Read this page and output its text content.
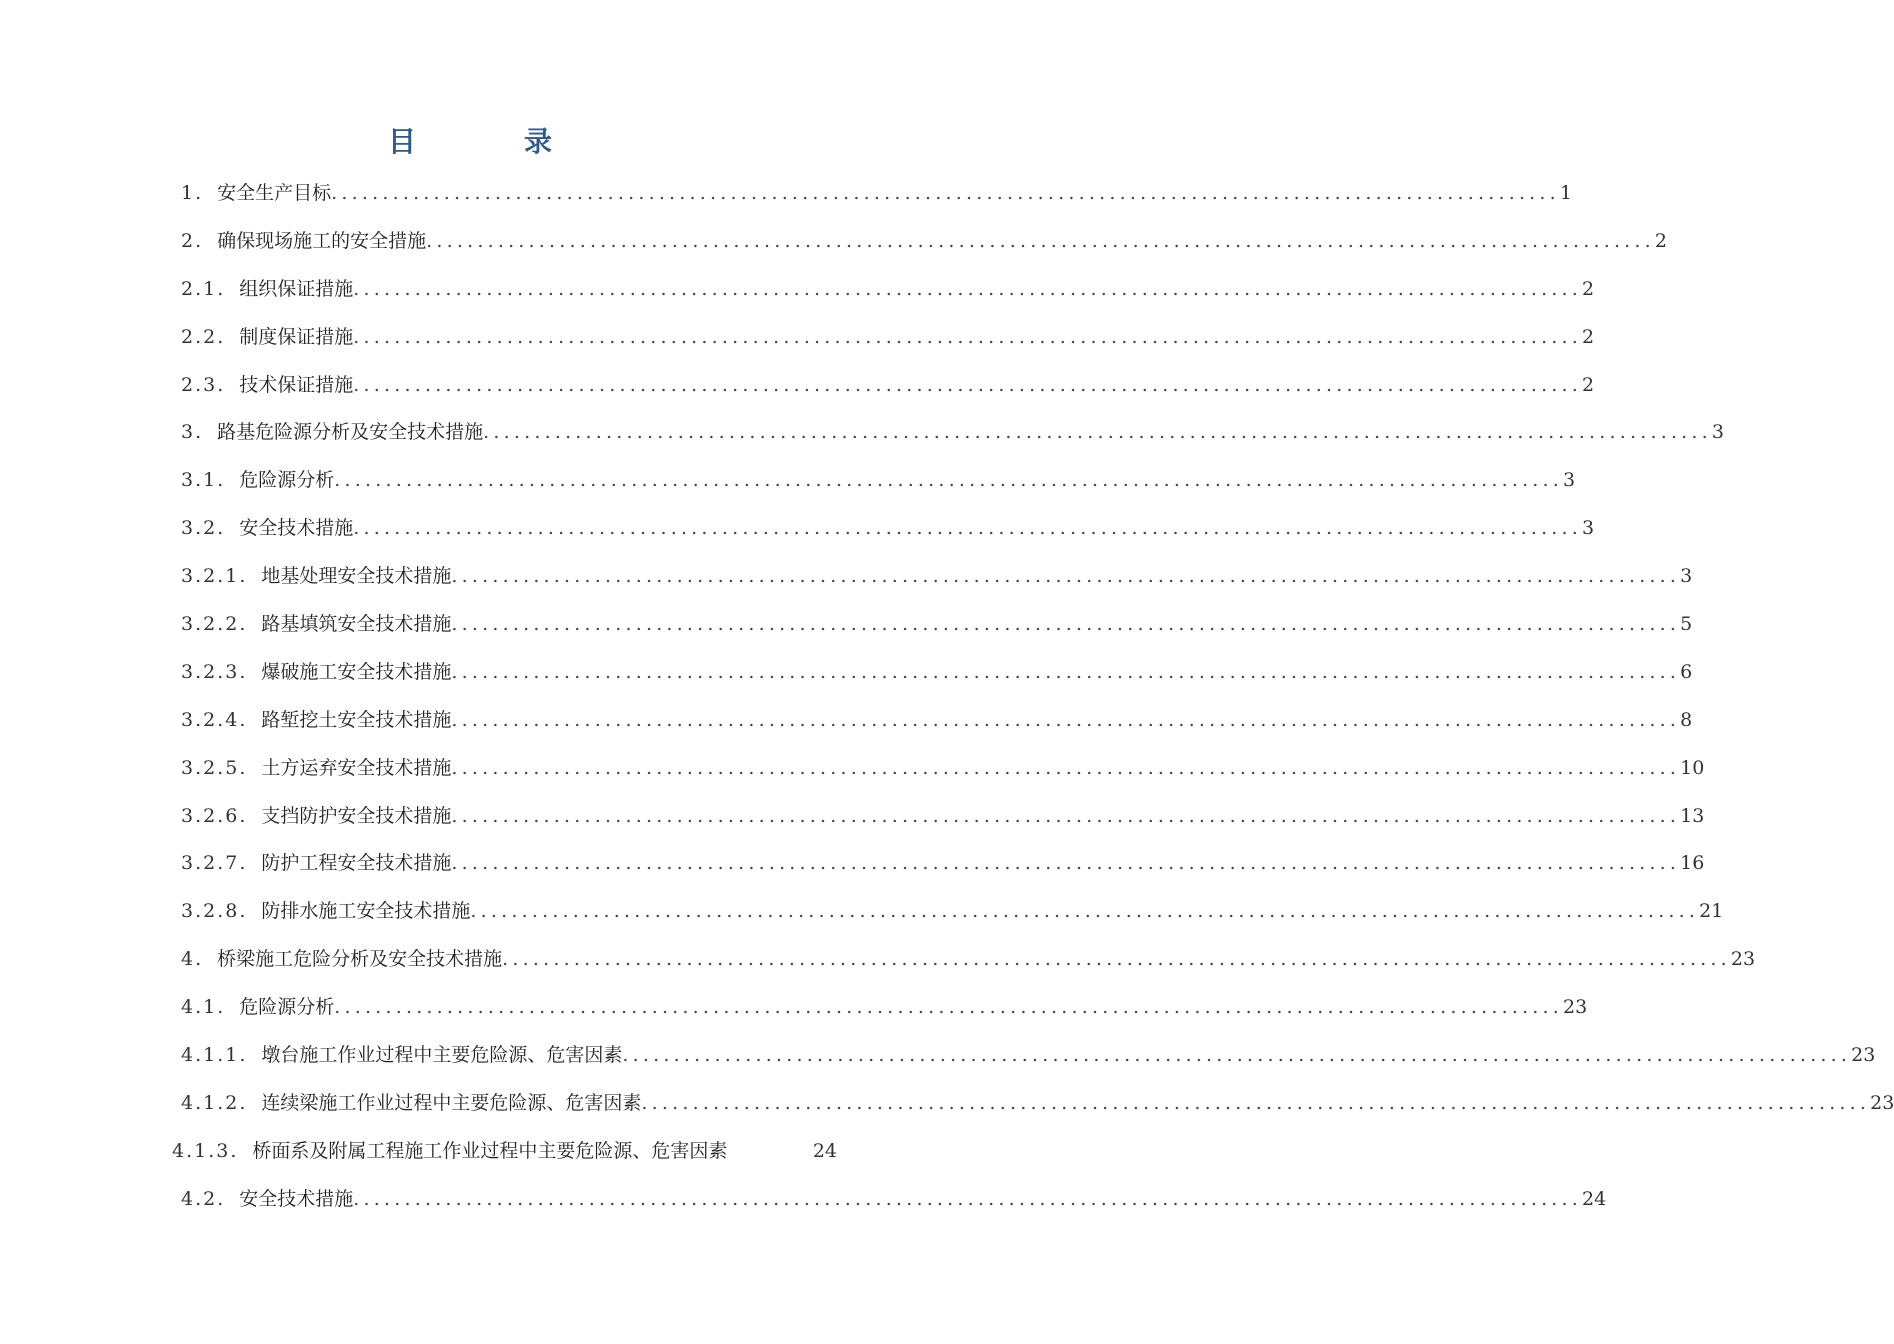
目　录
1. 安全生产目标 ........................................................................................................................ 1
2. 确保现场施工的安全措施 ........................................................................................................................ 2
2.1. 组织保证措施 ........................................................................................................................ 2
2.2. 制度保证措施 ........................................................................................................................ 2
2.3. 技术保证措施 ........................................................................................................................ 2
3. 路基危险源分析及安全技术措施 ........................................................................................................................ 3
3.1. 危险源分析 ........................................................................................................................ 3
3.2. 安全技术措施 ........................................................................................................................ 3
3.2.1. 地基处理安全技术措施 ........................................................................................................................ 3
3.2.2. 路基填筑安全技术措施 ........................................................................................................................ 5
3.2.3. 爆破施工安全技术措施 ........................................................................................................................ 6
3.2.4. 路堑挖土安全技术措施 ........................................................................................................................ 8
3.2.5. 土方运弃安全技术措施 ........................................................................................................................ 10
3.2.6. 支挡防护安全技术措施 ........................................................................................................................ 13
3.2.7. 防护工程安全技术措施 ........................................................................................................................ 16
3.2.8. 防排水施工安全技术措施 ........................................................................................................................ 21
4. 桥梁施工危险分析及安全技术措施 ........................................................................................................................ 23
4.1. 危险源分析 ........................................................................................................................ 23
4.1.1. 墩台施工作业过程中主要危险源、危害因素 ........................................................................................................................ 23
4.1.2. 连续梁施工作业过程中主要危险源、危害因素 ........................................................................................................................ 23
4.1.3. 桥面系及附属工程施工作业过程中主要危险源、危害因素	24
4.2. 安全技术措施 ........................................................................................................................ 24
